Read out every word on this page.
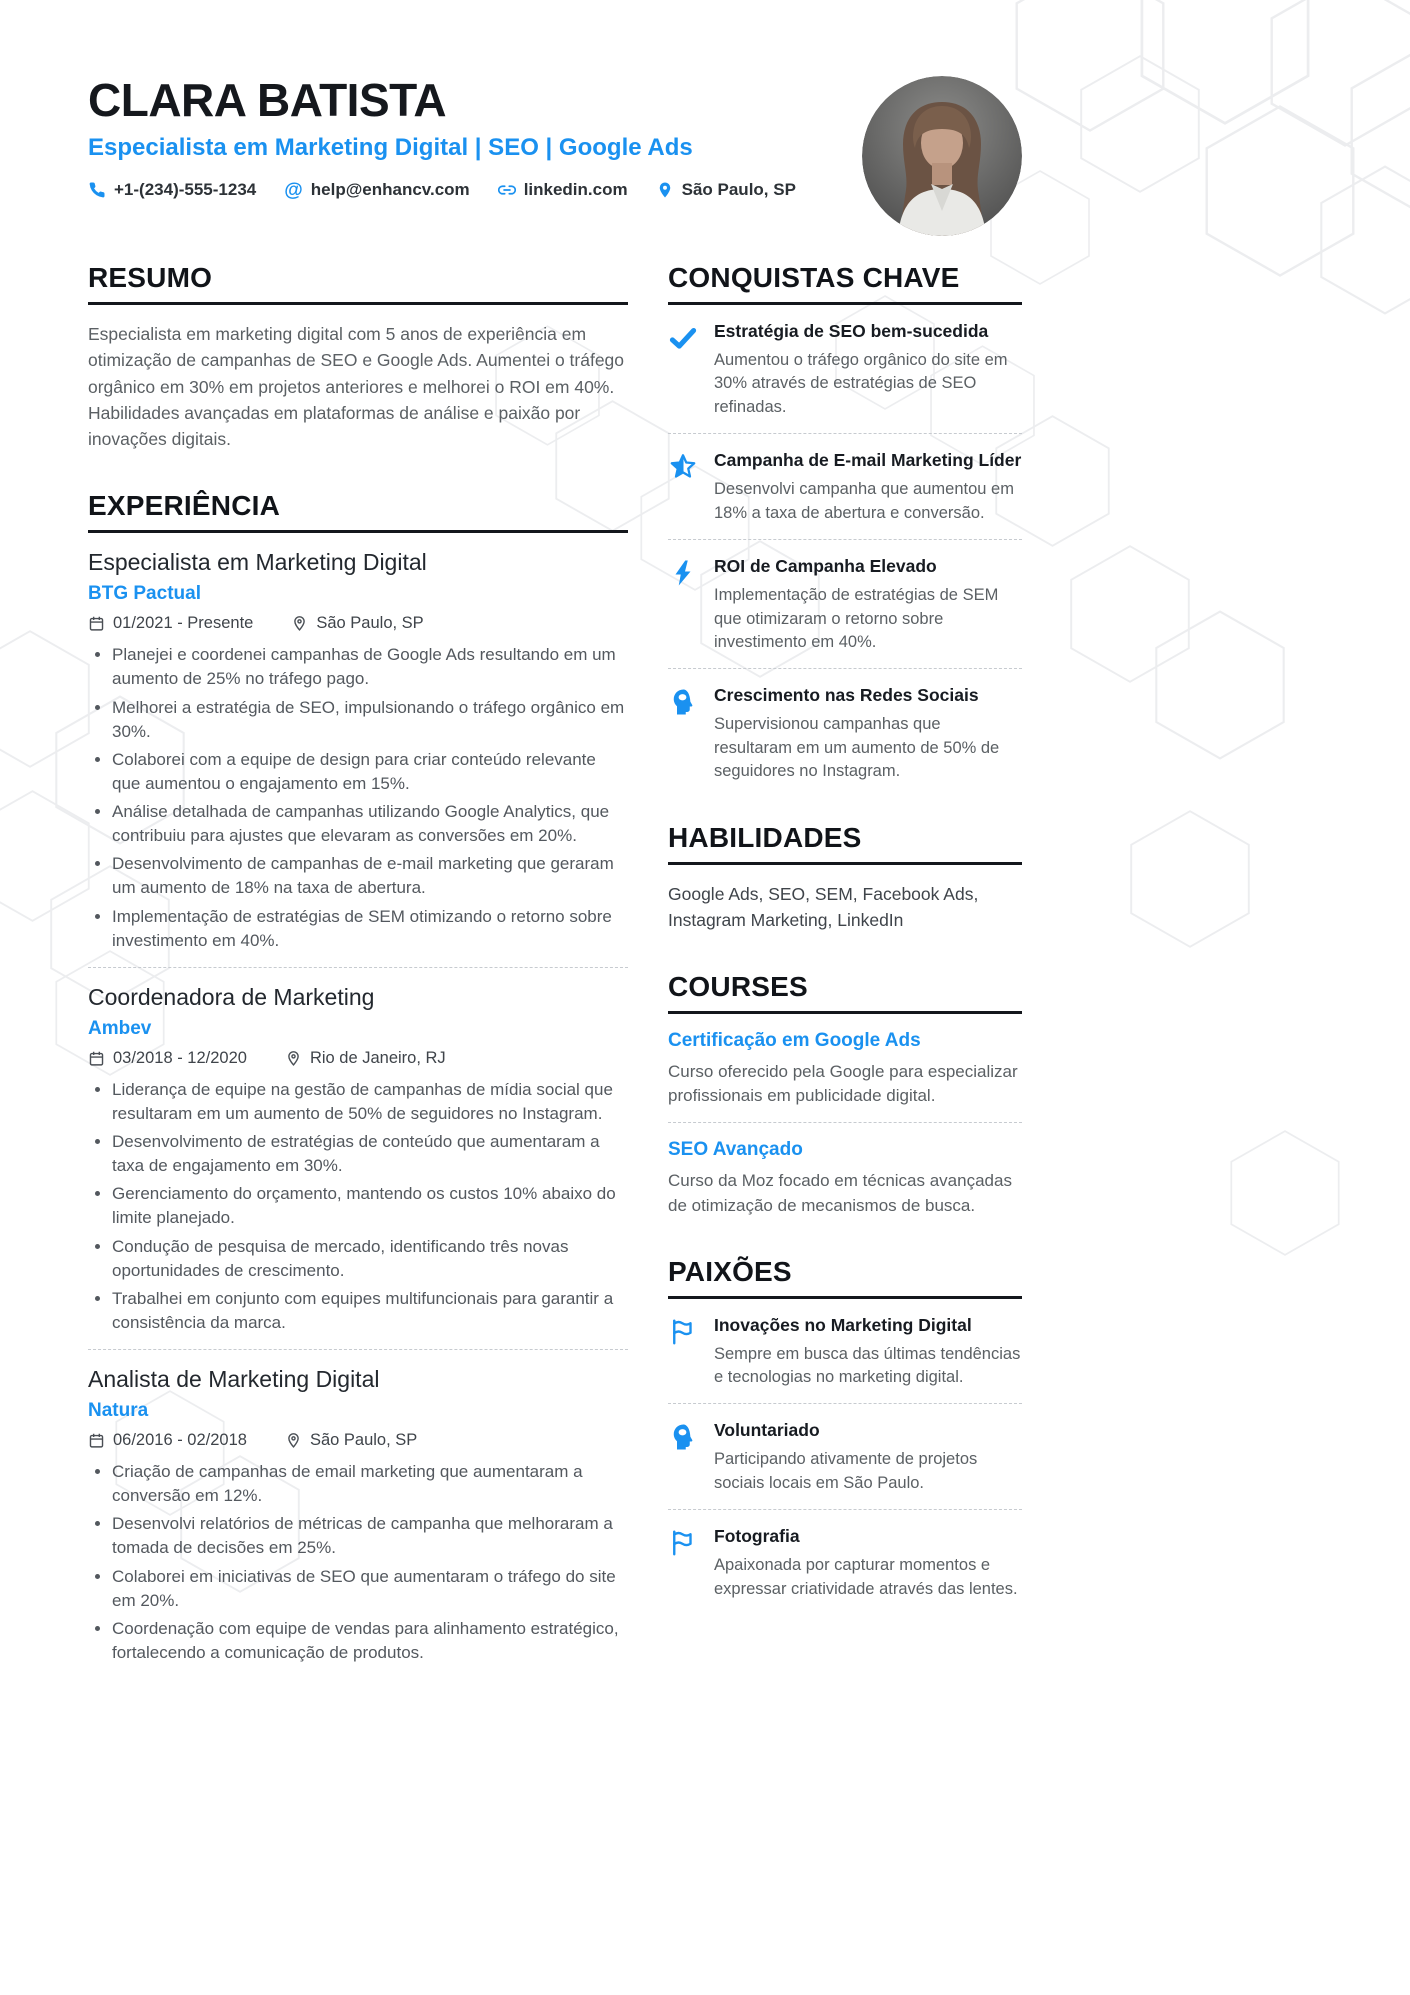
CLARA BATISTA
Especialista em Marketing Digital | SEO | Google Ads
+1-(234)-555-1234 @ help@enhancv.com	linkedin.com	São Paulo, SP
RESUMO

Especialista em marketing digital com 5 anos de experiência em otimização de campanhas de SEO e Google Ads. Aumentei o tráfego orgânico em 30% em projetos anteriores e melhorei o ROI em 40%. Habilidades avançadas em plataformas de análise e paixão por inovações digitais.

EXPERIÊNCIA
Especialista em Marketing Digital
BTG Pactual
01/2021 - Presente	São Paulo, SP
• Planejei e coordenei campanhas de Google Ads resultando em um aumento de 25% no tráfego pago.
• Melhorei a estratégia de SEO, impulsionando o tráfego orgânico em 30%.
• Colaborei com a equipe de design para criar conteúdo relevante que aumentou o engajamento em 15%.
• Análise detalhada de campanhas utilizando Google Analytics, que contribuiu para ajustes que elevaram as conversões em 20%.
• Desenvolvimento de campanhas de e-mail marketing que geraram um aumento de 18% na taxa de abertura.
• Implementação de estratégias de SEM otimizando o retorno sobre investimento em 40%.
Coordenadora de Marketing
Ambev
03/2018 - 12/2020	Rio de Janeiro, RJ
• Liderança de equipe na gestão de campanhas de mídia social que resultaram em um aumento de 50% de seguidores no Instagram.
• Desenvolvimento de estratégias de conteúdo que aumentaram a taxa de engajamento em 30%.
• Gerenciamento do orçamento, mantendo os custos 10% abaixo do limite planejado.
• Condução de pesquisa de mercado, identificando três novas oportunidades de crescimento.
• Trabalhei em conjunto com equipes multifuncionais para garantir a consistência da marca.
Analista de Marketing Digital
Natura
06/2016 - 02/2018	São Paulo, SP
• Criação de campanhas de email marketing que aumentaram a conversão em 12%.
• Desenvolvi relatórios de métricas de campanha que melhoraram a tomada de decisões em 25%.
• Colaborei em iniciativas de SEO que aumentaram o tráfego do site em 20%.
• Coordenação com equipe de vendas para alinhamento estratégico, fortalecendo a comunicação de produtos.
CONQUISTAS CHAVE
Estratégia de SEO bem-sucedida
Aumentou o tráfego orgânico do site em 30% através de estratégias de SEO refinadas.
Campanha de E-mail Marketing Líder
Desenvolvi campanha que aumentou em 18% a taxa de abertura e conversão.
ROI de Campanha Elevado
Implementação de estratégias de SEM que otimizaram o retorno sobre investimento em 40%.
Crescimento nas Redes Sociais
Supervisionou campanhas que resultaram em um aumento de 50% de seguidores no Instagram.
HABILIDADES

Google Ads, SEO, SEM, Facebook Ads, Instagram Marketing, LinkedIn

COURSES
Certificação em Google Ads
Curso oferecido pela Google para especializar profissionais em publicidade digital.
SEO Avançado
Curso da Moz focado em técnicas avançadas de otimização de mecanismos de busca.
PAIXÕES
Inovações no Marketing Digital
Sempre em busca das últimas tendências e tecnologias no marketing digital.
Voluntariado
Participando ativamente de projetos sociais locais em São Paulo.
Fotografia
Apaixonada por capturar momentos e expressar criatividade através das lentes.
